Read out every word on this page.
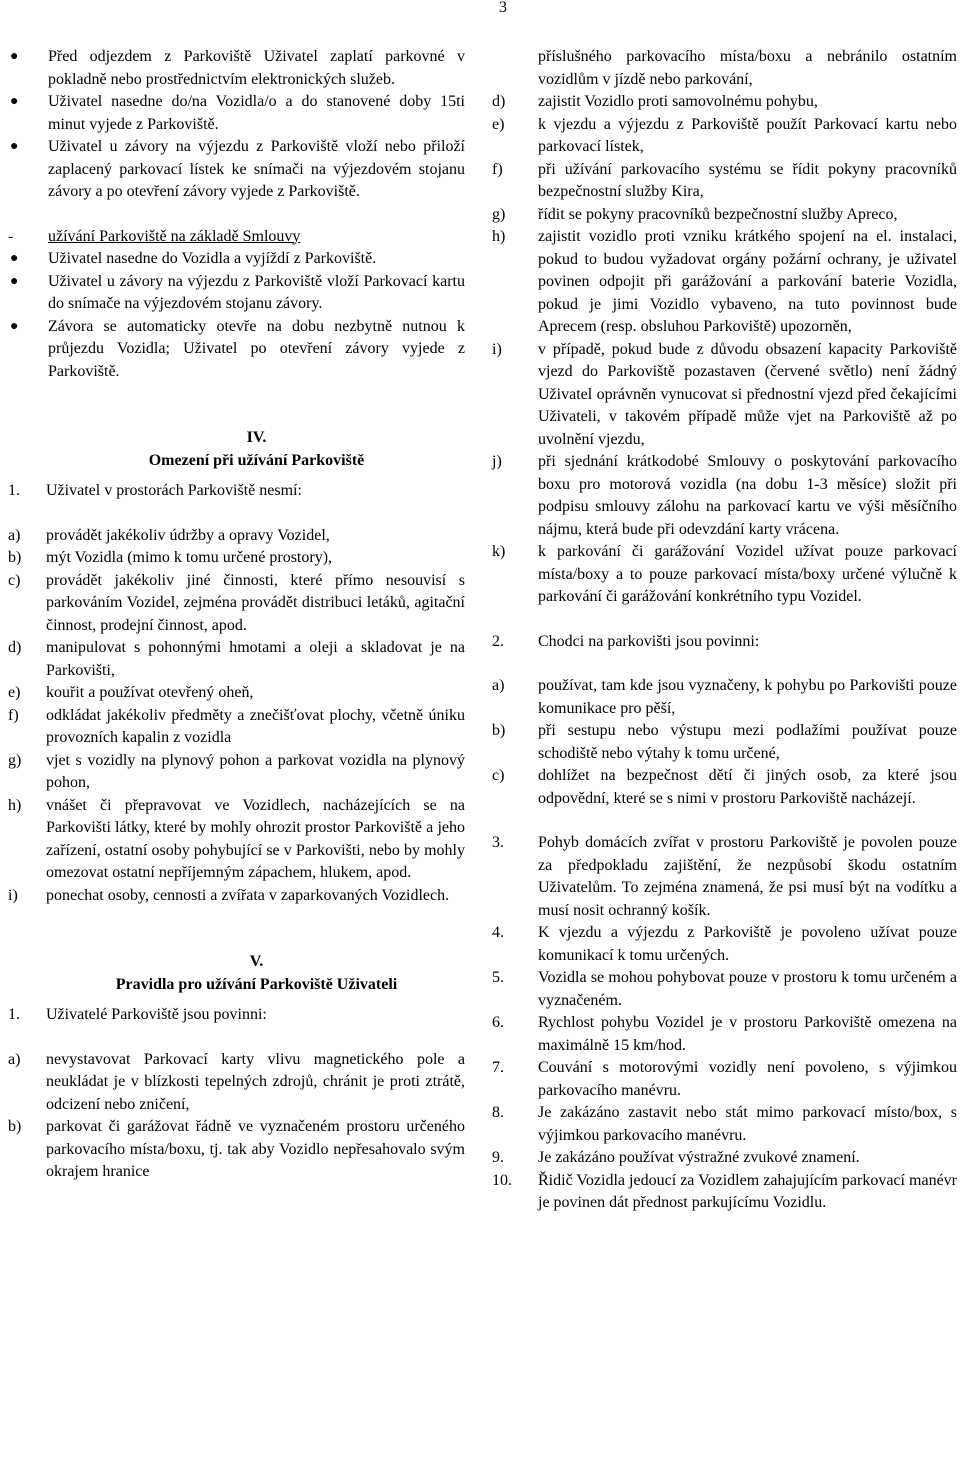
3
●	Před odjezdem z Parkoviště Uživatel zaplatí parkovné v pokladně nebo prostřednictvím elektronických služeb.
●	Uživatel nasedne do/na Vozidla/o a do stanovené doby 15ti minut vyjede z Parkoviště.
●	Uživatel u závory na výjezdu z Parkoviště vloží nebo přiloží zaplacený parkovací lístek ke snímači na výjezdovém stojanu závory a po otevření závory vyjede z Parkoviště.
-	užívání Parkoviště na základě Smlouvy
●	Uživatel nasedne do Vozidla a vyjíždí z Parkoviště.
●	Uživatel u závory na výjezdu z Parkoviště vloží Parkovací kartu do snímače na výjezdovém stojanu závory.
●	Závora se automaticky otevře na dobu nezbytně nutnou k průjezdu Vozidla; Uživatel po otevření závory vyjede z Parkoviště.
IV.
Omezení při užívání Parkoviště
1.	Uživatel v prostorách Parkoviště nesmí:
a)	provádět jakékoliv údržby a opravy Vozidel,
b)	mýt Vozidla (mimo k tomu určené prostory),
c)	provádět jakékoliv jiné činnosti, které přímo nesouvisí s parkováním Vozidel, zejména provádět distribuci letáků, agitační činnost, prodejní činnost, apod.
d)	manipulovat s pohonnými hmotami a oleji a skladovat je na Parkovišti,
e)	kouřit a používat otevřený oheň,
f)	odkládat jakékoliv předměty a znečišťovat plochy, včetně úniku provozních kapalin z vozidla
g)	vjet s vozidly na plynový pohon a parkovat vozidla na plynový pohon,
h)	vnášet či přepravovat ve Vozidlech, nacházejících se na Parkovišti látky, které by mohly ohrozit prostor Parkoviště a jeho zařízení, ostatní osoby pohybující se v Parkovišti, nebo by mohly omezovat ostatní nepříjemným zápachem, hlukem, apod.
i)	ponechat osoby, cennosti a zvířata v zaparkovaných Vozidlech.
V.
Pravidla pro užívání Parkoviště Uživateli
1.	Uživatelé Parkoviště jsou povinni:
a)	nevystavovat Parkovací karty vlivu magnetického pole a neukládat je v blízkosti tepelných zdrojů, chránit je proti ztrátě, odcizení nebo zničení,
b)	parkovat či garážovat řádně ve vyznačeném prostoru určeného parkovacího místa/boxu, tj. tak aby Vozidlo nepřesahovalo svým okrajem hranice
příslušného parkovacího místa/boxu a nebránilo ostatním vozidlům v jízdě nebo parkování,
d)	zajistit Vozidlo proti samovolnému pohybu,
e)	k vjezdu a výjezdu z Parkoviště použít Parkovací kartu nebo parkovací lístek,
f)	při užívání parkovacího systému se řídit pokyny pracovníků bezpečnostní služby Kira,
g)	řídit se pokyny pracovníků bezpečnostní služby Apreco,
h)	zajistit vozidlo proti vzniku krátkého spojení na el. instalaci, pokud to budou vyžadovat orgány požární ochrany, je uživatel povinen odpojit při garážování a parkování baterie Vozidla, pokud je jimi Vozidlo vybaveno, na tuto povinnost bude Aprecem (resp. obsluhou Parkoviště) upozorněn,
i)	v případě, pokud bude z důvodu obsazení kapacity Parkoviště vjezd do Parkoviště pozastaven (červené světlo) není žádný Uživatel oprávněn vynucovat si přednostní vjezd před čekajícími Uživateli, v takovém případě může vjet na Parkoviště až po uvolnění vjezdu,
j)	při sjednání krátkodobé Smlouvy o poskytování parkovacího boxu pro motorová vozidla (na dobu 1-3 měsíce) složit při podpisu smlouvy zálohu na parkovací kartu ve výši měsíčního nájmu, která bude při odevzdání karty vrácena.
k)	k parkování či garážování Vozidel užívat pouze parkovací místa/boxy a to pouze parkovací místa/boxy určené výlučně k parkování či garážování konkrétního typu Vozidel.
2.	Chodci na parkovišti jsou povinni:
a)	používat, tam kde jsou vyznačeny, k pohybu po Parkovišti pouze komunikace pro pěší,
b)	při sestupu nebo výstupu mezi podlažími používat pouze schodiště nebo výtahy k tomu určené,
c)	dohlížet na bezpečnost dětí či jiných osob, za které jsou odpovědní, které se s nimi v prostoru Parkoviště nacházejí.
3.	Pohyb domácích zvířat v prostoru Parkoviště je povolen pouze za předpokladu zajištění, že nezpůsobí škodu ostatním Uživatelům. To zejména znamená, že psi musí být na vodítku a musí nosit ochranný košík.
4.	K vjezdu a výjezdu z Parkoviště je povoleno užívat pouze komunikací k tomu určených.
5.	Vozidla se mohou pohybovat pouze v prostoru k tomu určeném a vyznačeném.
6.	Rychlost pohybu Vozidel je v prostoru Parkoviště omezena na maximálně 15 km/hod.
7.	Couvání s motorovými vozidly není povoleno, s výjimkou parkovacího manévru.
8.	Je zakázáno zastavit nebo stát mimo parkovací místo/box, s výjimkou parkovacího manévru.
9.	Je zakázáno používat výstražné zvukové znamení.
10.	Řidič Vozidla jedoucí za Vozidlem zahajujícím parkovací manévr je povinen dát přednost parkujícímu Vozidlu.
